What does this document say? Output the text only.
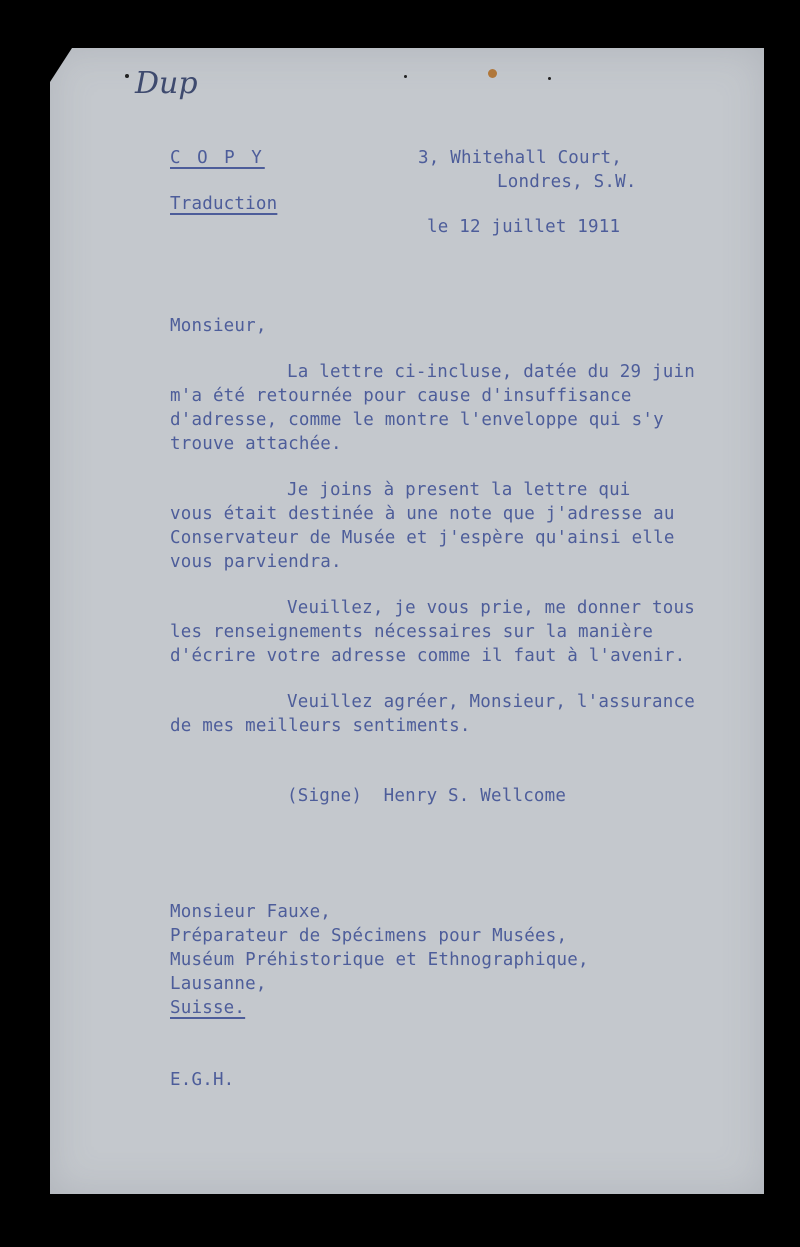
Dup
C O P Y
Traduction
3, Whitehall Court,
Londres, S.W.
le 12 juillet 1911
Monsieur,
La lettre ci-incluse, datée du 29 juin
m'a été retournée pour cause d'insuffisance
d'adresse, comme le montre l'enveloppe qui s'y
trouve attachée.
Je joins à present la lettre qui
vous était destinée à une note que j'adresse au
Conservateur de Musée et j'espère qu'ainsi elle
vous parviendra.
Veuillez, je vous prie, me donner tous
les renseignements nécessaires sur la manière
d'écrire votre adresse comme il faut à l'avenir.
Veuillez agréer, Monsieur, l'assurance
de mes meilleurs sentiments.
(Signe)  Henry S. Wellcome
Monsieur Fauxe,
Préparateur de Spécimens pour Musées,
Muséum Préhistorique et Ethnographique,
Lausanne,
Suisse.
E.G.H.
